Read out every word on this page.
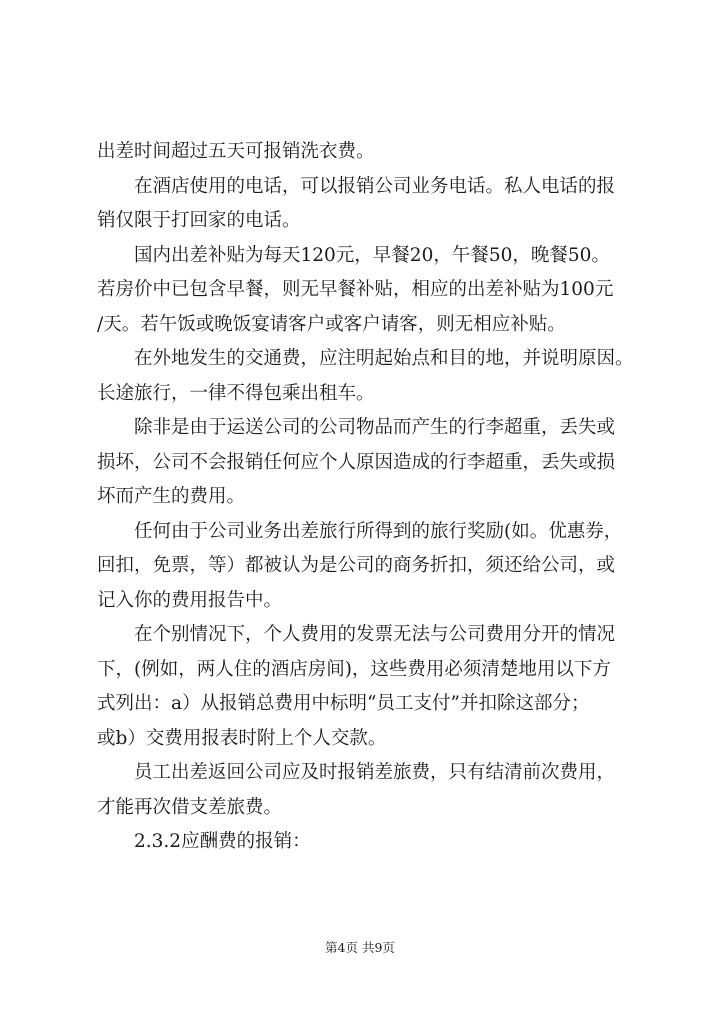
出差时间超过五天可报销洗衣费。
在酒店使用的电话，可以报销公司业务电话。私人电话的报
销仅限于打回家的电话。
国内出差补贴为每天120元，早餐20，午餐50，晚餐50。
若房价中已包含早餐，则无早餐补贴，相应的出差补贴为100元
/天。若午饭或晚饭宴请客户或客户请客，则无相应补贴。
在外地发生的交通费，应注明起始点和目的地，并说明原因。
长途旅行，一律不得包乘出租车。
除非是由于运送公司的公司物品而产生的行李超重，丢失或
损坏，公司不会报销任何应个人原因造成的行李超重，丢失或损
坏而产生的费用。
任何由于公司业务出差旅行所得到的旅行奖励(如。优惠券，
回扣，免票，等）都被认为是公司的商务折扣，须还给公司，或
记入你的费用报告中。
在个别情况下，个人费用的发票无法与公司费用分开的情况
下，(例如，两人住的酒店房间)，这些费用必须清楚地用以下方
式列出：a）从报销总费用中标明“员工支付”并扣除这部分；
或b）交费用报表时附上个人交款。
员工出差返回公司应及时报销差旅费，只有结清前次费用，
才能再次借支差旅费。
2.3.2应酬费的报销：
第4页 共9页
